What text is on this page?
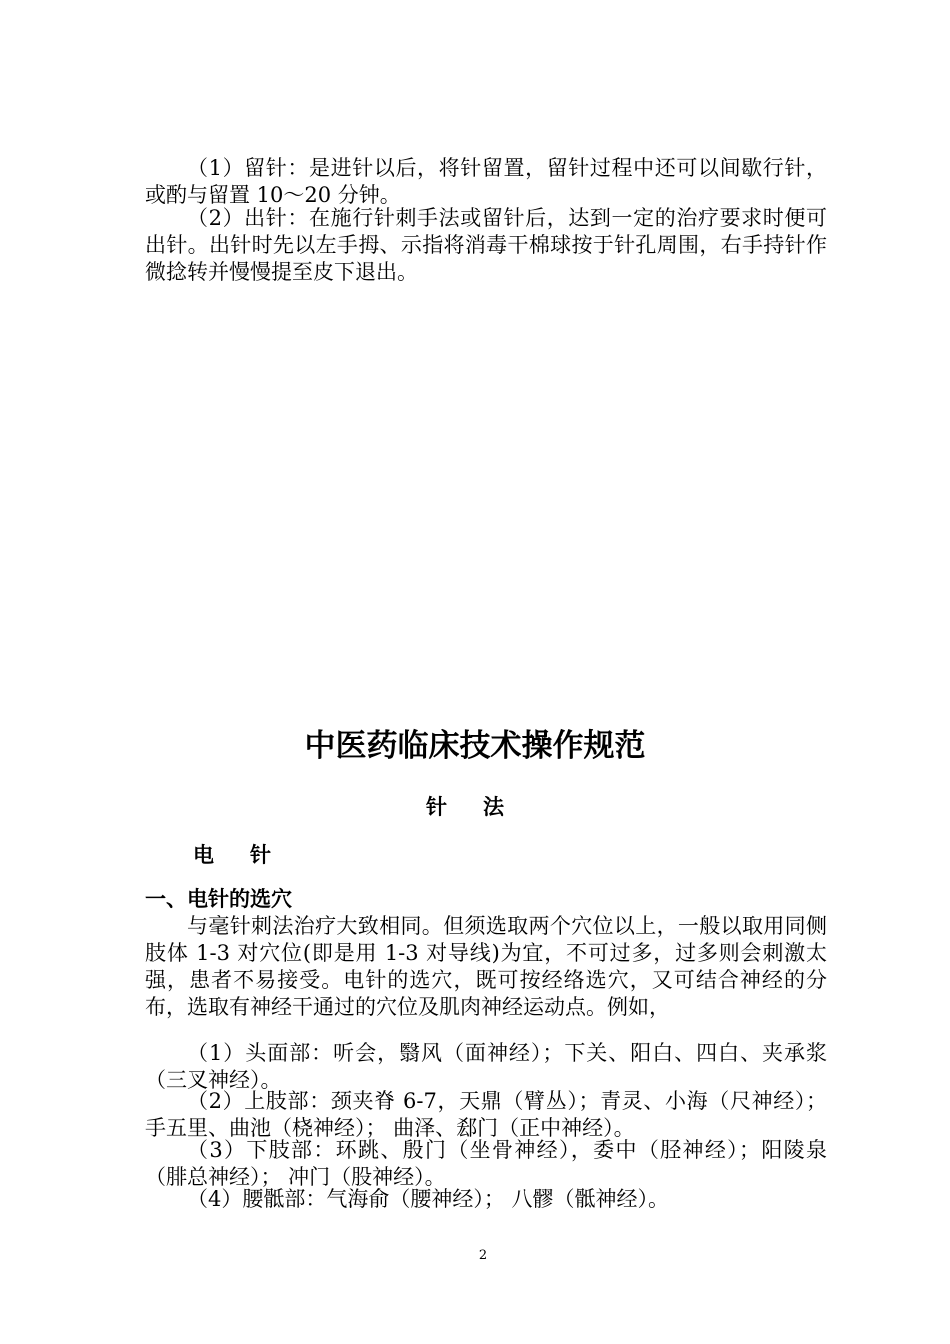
（1）留针：是进针以后，将针留置，留针过程中还可以间歇行针，或酌与留置 10～20 分钟。

（2）出针：在施行针刺手法或留针后，达到一定的治疗要求时便可出针。出针时先以左手拇、示指将消毒干棉球按于针孔周围，右手持针作微捻转并慢慢提至皮下退出。

中医药临床技术操作规范
针法
电针
一、电针的选穴

与毫针刺法治疗大致相同。但须选取两个穴位以上，一般以取用同侧肢体 1-3 对穴位(即是用 1-3 对导线)为宜，不可过多，过多则会刺激太强，患者不易接受。电针的选穴，既可按经络选穴，又可结合神经的分布，选取有神经干通过的穴位及肌肉神经运动点。例如，

（1）头面部：听会，翳风（面神经）；下关、阳白、四白、夹承浆（三叉神经）。

（2）上肢部：颈夹脊 6-7，天鼎（臂丛）；青灵、小海（尺神经）；手五里、曲池（桡神经）； 曲泽、郄门（正中神经）。

（3）下肢部：环跳、殷门（坐骨神经），委中（胫神经）；阳陵泉（腓总神经）； 冲门（股神经）。

（4）腰骶部：气海俞（腰神经）； 八髎（骶神经）。

2
